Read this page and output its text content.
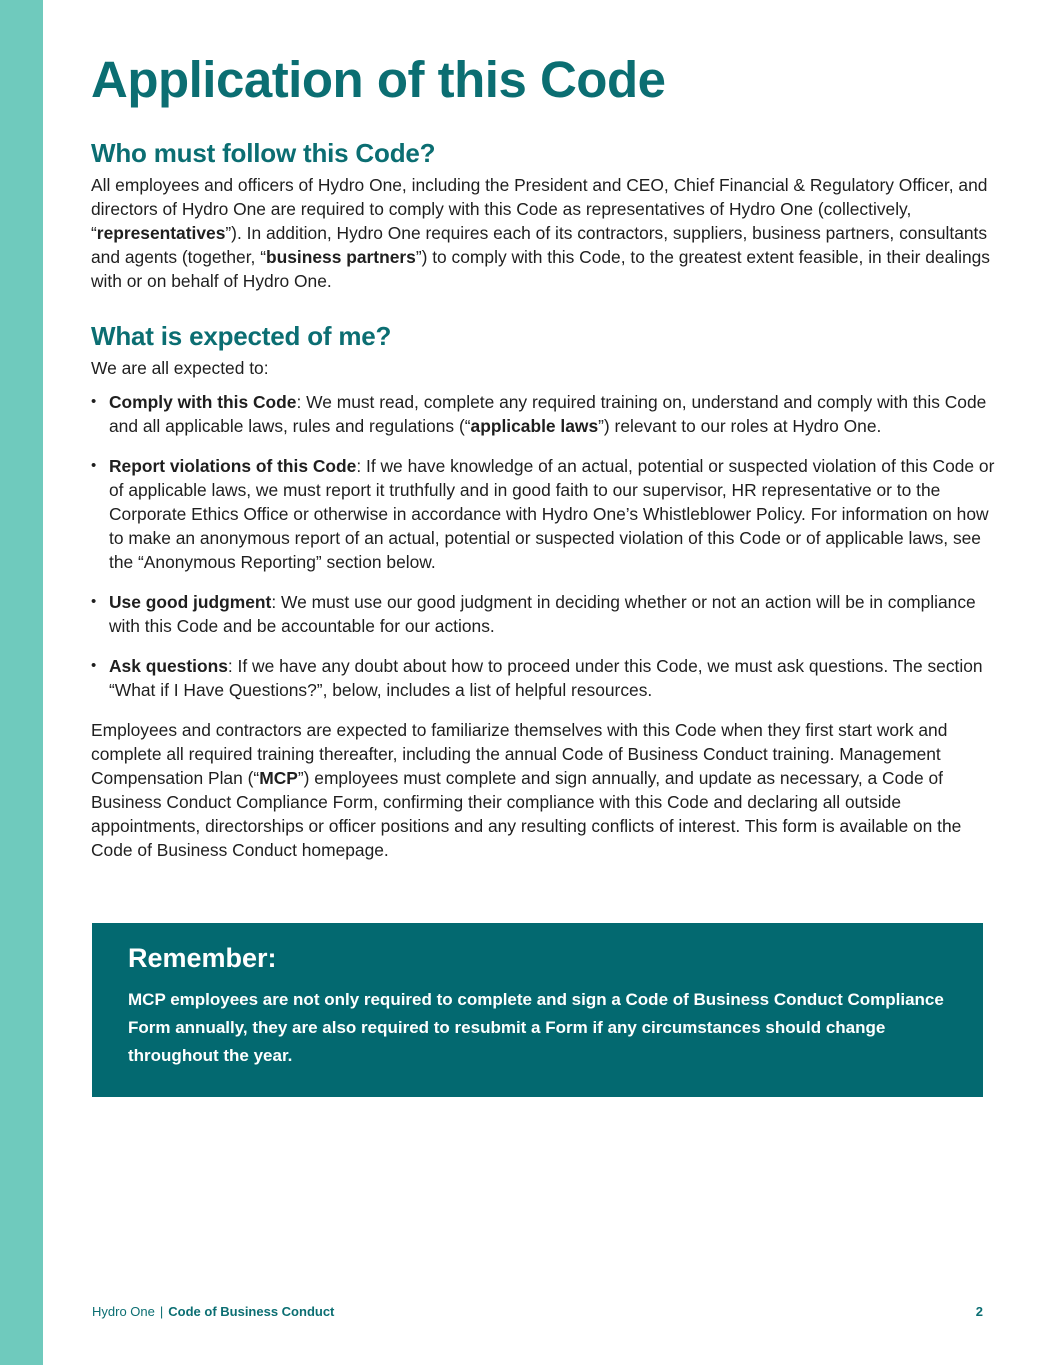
Application of this Code
Who must follow this Code?

All employees and officers of Hydro One, including the President and CEO, Chief Financial & Regulatory Officer, and directors of Hydro One are required to comply with this Code as representatives of Hydro One (collectively, “representatives”). In addition, Hydro One requires each of its contractors, suppliers, business partners, consultants and agents (together, “business partners”) to comply with this Code, to the greatest extent feasible, in their dealings with or on behalf of Hydro One.

What is expected of me?

We are all expected to:

• Comply with this Code: We must read, complete any required training on, understand and comply with this Code and all applicable laws, rules and regulations (“applicable laws”) relevant to our roles at Hydro One.
• Report violations of this Code: If we have knowledge of an actual, potential or suspected violation of this Code or of applicable laws, we must report it truthfully and in good faith to our supervisor, HR representative or to the Corporate Ethics Office or otherwise in accordance with Hydro One’s Whistleblower Policy. For information on how to make an anonymous report of an actual, potential or suspected violation of this Code or of applicable laws, see the “Anonymous Reporting” section below.
• Use good judgment: We must use our good judgment in deciding whether or not an action will be in compliance with this Code and be accountable for our actions.
• Ask questions: If we have any doubt about how to proceed under this Code, we must ask questions. The section “What if I Have Questions?”, below, includes a list of helpful resources.

Employees and contractors are expected to familiarize themselves with this Code when they first start work and complete all required training thereafter, including the annual Code of Business Conduct training. Management Compensation Plan (“MCP”) employees must complete and sign annually, and update as necessary, a Code of Business Conduct Compliance Form, confirming their compliance with this Code and declaring all outside appointments, directorships or officer positions and any resulting conflicts of interest. This form is available on the Code of Business Conduct homepage.

Remember:
MCP employees are not only required to complete and sign a Code of Business Conduct Compliance Form annually, they are also required to resubmit a Form if any circumstances should change throughout the year.
Hydro One | Code of Business Conduct	2
